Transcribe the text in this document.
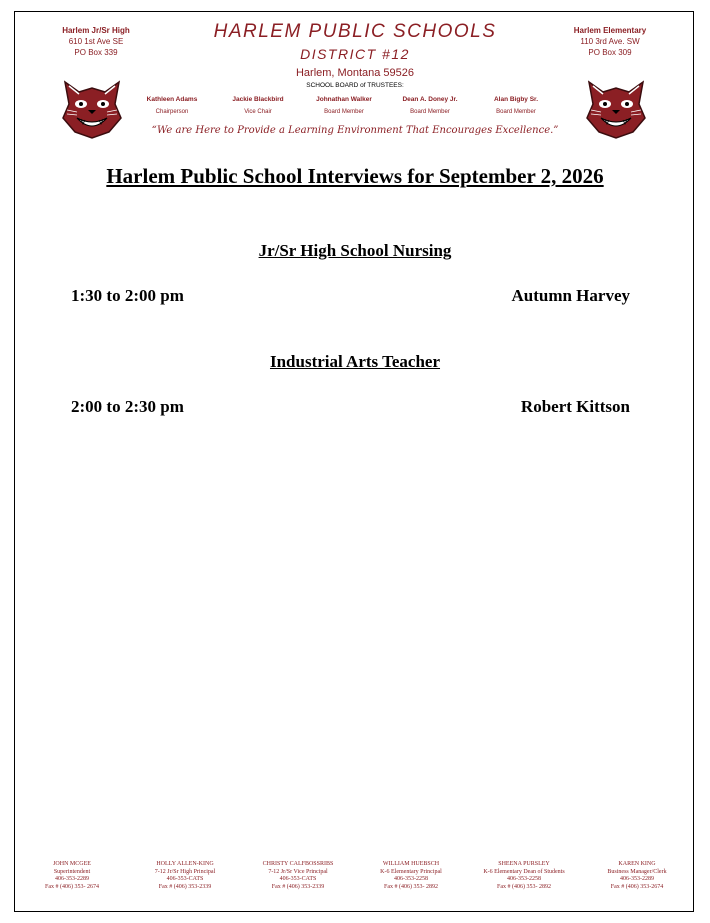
Harlem Jr/Sr High
610 1st Ave SE
PO Box 339
Harlem Elementary
110 3rd Ave. SW
PO Box 309
HARLEM PUBLIC SCHOOLS
DISTRICT #12
Harlem, Montana 59526
SCHOOL BOARD of TRUSTEES:
Kathleen Adams
Chairperson
Jackie Blackbird
Vice Chair
Johnathan Walker
Board Member
Dean A. Doney Jr.
Board Member
Alan Bigby Sr.
Board Member
“We are Here to Provide a Learning Environment That Encourages Excellence.”
Harlem Public School Interviews for September 2, 2026
Jr/Sr High School Nursing
1:30 to 2:00 pm	Autumn Harvey
Industrial Arts Teacher
2:00 to 2:30 pm	Robert Kittson
JOHN MCGEE
Superintendent
406-353-2289
Fax # (406) 353- 2674
HOLLY ALLEN-KING
7-12 Jr/Sr High Principal
406-353-CATS
Fax # (406) 353-2339
CHRISTY CALFBOSSRIBS
7-12 Jr/Sr Vice Principal
406-353-CATS
Fax # (406) 353-2339
WILLIAM HUEBSCH
K-6 Elementary Principal
406-353-2258
Fax # (406) 353- 2892
SHEENA PURSLEY
K-6 Elementary Dean of Students
406-353-2258
Fax # (406) 353- 2892
KAREN KING
Business Manager/Clerk
406-353-2289
Fax # (406) 353-2674
